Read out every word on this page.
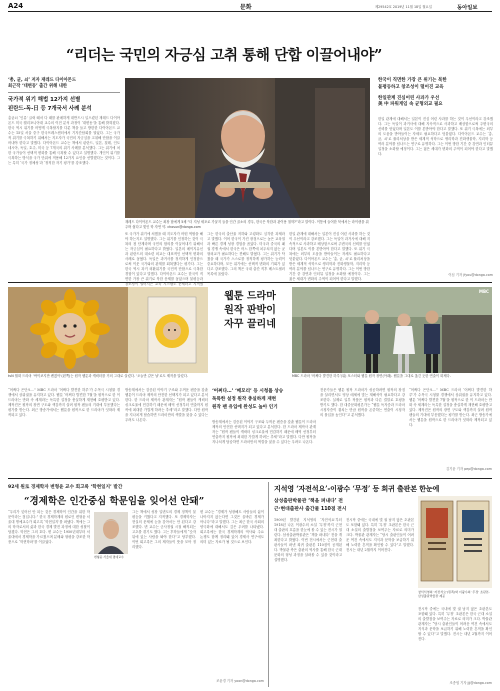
A24	문화	제29542호 2019년 11월 18일 월요일	동아일보
“리더는 국민의 자긍심 고취 통해 단합 이끌어내야”
‘총, 균, 쇠’ 저자 재레드 다이아몬드
최근작 ‘대변동’ 출간 위해 내한
국가적 위기 해법 12가지 선별
핀란드-독-日 등 7개국서 사례 분석
총균쇠 ‘인류’ 클릭 떼서 다 때를 판매하게 대반드시 일으켰던 재레드 다이아몬드 미국 캘리포니아대 교수의 이전 분석 과정이 ‘대변동’을 통해 밝혀졌다. 한국 역시 위기를 어떻게 극복할지를 다룬 책을 들고 방한한 다이아몬드 교수는 15일 서울 중구 한국프레스센터에서 기자간담회를 열었다. 그는 국가적 위기를 극복하기 위해서는 지도자가 국민의 자긍심을 고취해 단합을 이끌어내야 한다고 말했다. 다이아몬드 교수는 책에서 핀란드, 일본, 칠레, 인도네시아, 독일, 호주, 미국 등 7개국의 위기 사례를 분석했다. 그는 위기에 처한 국가들이 선택적 변화를 통해 극복할 수 있다고 설명했다. 개인이 위기를 극복하는 방식을 국가 단위에 적용해 12가지 요인을 선별했다는 것이다. 그는 특히 ‘국가 정체성’과 ‘정직한 자기 평가’를 강조했다.
재레드 다이아몬드 교수는 최장 합에게 5채 “더 지성 세포로 가꿀지 들을 인간 골소의 경우, 한국은 북한과 관이용 철학?”라고 말이다. 이통에 들어한 북에서는 라이샌을 위주며 쉽다고 빛인 학 자연 약. chosun@donga.com
또 국가가 위기에 처했을 때 지도자가 어떤 역할을 해야 하는지도 설명했다. 그는 위기를 인정하는 것이 극복의 첫 단계라며 국민의 합의를 이끌어내기 위해서는 자긍심이 필요하다고 밝혔다. 일본의 메이지유신과 핀란드의 대소련 외교는 대표적인 선택적 변화의 사례로 꼽혔다. 독일은 과거사를 정직하게 인정함으로써 이웃 국가와의 관계를 회복했다는 평가다. 그는 한국 역시 과거 외환위기를 국민적 단합으로 극복한 경험이 있다고 말했다. 다이아몬드 교수는 한국이 직면한 가장 큰 위기로 북한 문제를 꼽았으며 불평등과 창조성이 떨어지는 교육 시스템도 문제라고 지적했
그는 한국의 출산율 저하와 고령화도 심각한 과제라고 말했다. 이어 한국이 가진 장점으로는 높은 교육열과 빠른 경제 성장 경험을 꼽았다. 미국과 중국의 패권 경쟁 속에서 한국은 어느 한쪽에 치우치지 않는 균형외교가 필요하다는 견해도 밝혔다. 그는 위기가 닥쳤을 때 국가가 스스로를 정직하게 평가하는 능력이 중요하다며, 모든 위기에는 선택적 변화의 기회가 있다고 강조했다. 그의 책은 국내 출간 직후 베스트셀러 목록에 올랐다.
한일 관계에 대해서는 일본이 진심 어린 사과를 하는 것이 우선이라고 강조했다. 그는 독일이 과거사에 대해 지속적으로 사과하고 배상함으로써 주변국의 신뢰를 얻었다며 일본도 이를 본받아야 한다고 말했다. 또 위기 극복에는 외부의 도움을 받아들이는 자세도 필요하다고 덧붙였다. 다이아몬드 교수는 ‘총, 균, 쇠’로 퓰리처상을 받은 세계적 석학으로 생리학과 진화생물학, 지리학 등 여러 분야를 넘나드는 연구로 유명하다. 그는 이번 방한 기간 중 강연과 인터뷰 일정을 소화할 예정이다. 그는 젊은 세대가 변화의 주역이 되어야 한다고 말했다.
한국이 직면한 가장 큰 위기는 북한
불평등하고 창조성이 떨어진 교육
한일관계 진심어린 사과가 우선
美 中 파워게임 속 균형외교 필요
한일 관계에 대해서는 일본이 진심 어린 사과를 하는 것이 우선이라고 강조했다. 그는 독일이 과거사에 대해 지속적으로 사과하고 배상함으로써 주변국의 신뢰를 얻었다며 일본도 이를 본받아야 한다고 말했다. 또 위기 극복에는 외부의 도움을 받아들이는 자세도 필요하다고 덧붙였다. 다이아몬드 교수는 ‘총, 균, 쇠’로 퓰리처상을 받은 세계적 석학으로 생리학과 진화생물학, 지리학 등 여러 분야를 넘나드는 연구로 유명하다. 그는 이번 방한 기간 중 강연과 인터뷰 일정을 소화할 예정이다. 그는 젊은 세대가 변화의 주역이 되어야 한다고 말했다.
이심 기자 jfyou@donga.com
tvN 월화 드라마 ‘싸이코지만 괜찮아’(왼쪽)는 원작 웹툰과 캐릭터를 거의 그대로 살렸다. ‘오늘만 같은 날’로도 제작을 알렸다.
웹툰 드라마
원작 판박이
자꾸 끌리네
MBC
MBC 드라마 ‘어쩌다 발견한 하루’(위) 포스터와 웹툰 원작 장면(아래). 웹툰을 그대로 옮긴 듯한 연출이 화제다.
“어쩌다 은단오…” MBC 드라마 ‘어쩌다 발견한 하루’가 수목극 시청률 경쟁에서 상위권을 유지하고 있다. 웹툰 ‘어쩌다 발견한 7월’을 원작으로 한 이 드라마는 만화 속 세계라는 독특한 설정을 충실하게 재현해 호평받고 있다. 제작진은 원작의 장면 구도와 색감까지 살려 원작 팬들의 기대에 부응했다는 평가를 받는다. 최근 방송가에서는 웹툰을 원작으로 한 드라마가 잇따라 제작되고 있다.
방송계에서는 검증된 이야기 구조와 두꺼운 팬층을 갖춘 웹툰이 드라마 제작의 안전한 선택지가 되고 있다고 분석한다. 한 드라마 제작사 관계자는 “원작 팬들이 캐릭터 싱크로율에 민감하기 때문에 배역 선정부터 연출까지 원작에 최대한 가깝게 하려는 추세”라고 말했다. 다만 원작을 지나치게 답습하면 드라마만의 색깔을 잃을 수 있다는 우려도 나온다.
‘어쩌다…’ ‘메모리’ 등 시청률 상승
독특한 설정 원작 충실하게 재현
원작 팬 유입에 완성도 높아 인기
방송계에서는 검증된 이야기 구조와 두꺼운 팬층을 갖춘 웹툰이 드라마 제작의 안전한 선택지가 되고 있다고 분석한다. 한 드라마 제작사 관계자는 “원작 팬들이 캐릭터 싱크로율에 민감하기 때문에 배역 선정부터 연출까지 원작에 최대한 가깝게 하려는 추세”라고 말했다. 다만 원작을 지나치게 답습하면 드라마만의 색깔을 잃을 수 있다는 우려도 나온다.
전문가들은 웹툰 원작 드라마가 성공하려면 원작의 장점을 살리면서도 영상 매체에 맞는 재해석이 필요하다고 강조한다. 실제로 일부 작품은 원작과 다른 결말로 호평을 받기도 했다. 한 대중문화평론가는 “웹툰 독자층과 드라마 시청자층이 겹치는 만큼 원작을 존중하는 연출이 시청자의 몰입을 높인다”고 분석했다.
“어쩌다 은단오…” MBC 드라마 ‘어쩌다 발견한 하루’가 수목극 시청률 경쟁에서 상위권을 유지하고 있다. 웹툰 ‘어쩌다 발견한 7월’을 원작으로 한 이 드라마는 만화 속 세계라는 독특한 설정을 충실하게 재현해 호평받고 있다. 제작진은 원작의 장면 구도와 색감까지 살려 원작 팬들의 기대에 부응했다는 평가를 받는다. 최근 방송가에서는 웹툰을 원작으로 한 드라마가 잇따라 제작되고 있다.
김기윤 기자 pep@donga.com
92세 원로 경제학자 변형윤 교수 회고록 ‘학현일지’ 발간
“경제학은 인간중심 학문임을 잊어선 안돼”
“우리가 잊어선 안 되는 것은 경제학이 인간을 위한 학문이라는 점입니다.” 한국 경제학계의 원로인 변형윤 서울대 명예교수가 회고록 ‘학현일지’를 펴냈다. 책에는 그의 학자로서의 삶과 한국 경제 발전 과정에 대한 성찰이 담겼다. 학현은 그의 호다. 변 교수는 1950년대부터 서울대에서 경제학을 가르쳤으며 분배와 형평을 강조한 학풍으로 ‘학현학파’를 이끌었다.
변형윤 서울대 명예교수
그는 책에서 성장 일변도의 경제 정책이 불평등을 키웠다고 지적했다. 또 경제학자는 현실의 문제에 눈을 감아서는 안 된다고 강조했다. 변 교수는 군사정권 시절 해직되는 고초를 겪기도 했다. 그는 후학들에게 “숫자 뒤에 있는 사람을 봐야 한다”고 당부했다. 이번 회고록은 그의 제자들이 뜻을 모아 정리했다.
변 교수는 “경제가 성장해도 사람들의 삶이 나아지지 않는다면 그것은 올바른 경제가 아니다”라고 말했다. 그는 최근 한국 사회의 양극화에 대해서도 깊은 우려를 나타냈다. 회고록에는 한국 경제학계의 역사와 주요 논쟁도 함께 정리돼 있어 경제사 연구에도 의미 있는 자료가 될 것으로 보인다.
조윤경 기자 yoon@donga.com
지석영 ‘자전석요’-이광수 ‘무정’ 등 희귀 출판본 한눈에
삼성출판박물관 ‘책을 펴내다’ 전
근·현대출판사 출간물 110점 전시
1909년 발간된 지석영의 ‘자전석요’부터 1918년 나온 이광수의 소설 ‘무정’까지 근현대 출판의 흐름을 한눈에 볼 수 있는 전시가 열린다. 삼성출판박물관은 ‘책을 펴내다’ 전을 개최한다고 밝혔다. 이번 전시에서는 근현대 출판사들이 펴낸 희귀 출판본 110점이 공개된다. 박물관 측은 출판의 역사를 통해 한국 근대 문화의 형성 과정을 살펴볼 수 있을 것이라고 설명했다.
전시작 중에는 국내에 몇 권 남지 않은 초판본도 포함돼 있다. 특히 ‘무정’ 초판본은 한국 근대 소설의 출발점을 보여주는 자료로 의미가 크다. 박물관 관계자는 “당시 출판인들이 어려운 여건 속에서도 지식과 문학을 보급하기 위해 노력한 흔적을 확인할 수 있다”고 말했다. 전시는 내년 2월까지 이어진다.
창석석영의 ‘자전석요’(왼쪽)와 이광수의 ‘무정’ 초판본. 삼성출판박물관 제공
전시작 중에는 국내에 몇 권 남지 않은 초판본도 포함돼 있다. 특히 ‘무정’ 초판본은 한국 근대 소설의 출발점을 보여주는 자료로 의미가 크다. 박물관 관계자는 “당시 출판인들이 어려운 여건 속에서도 지식과 문학을 보급하기 위해 노력한 흔적을 확인할 수 있다”고 말했다. 전시는 내년 2월까지 이어진다.
조종엽 기자 jjj@donga.com
